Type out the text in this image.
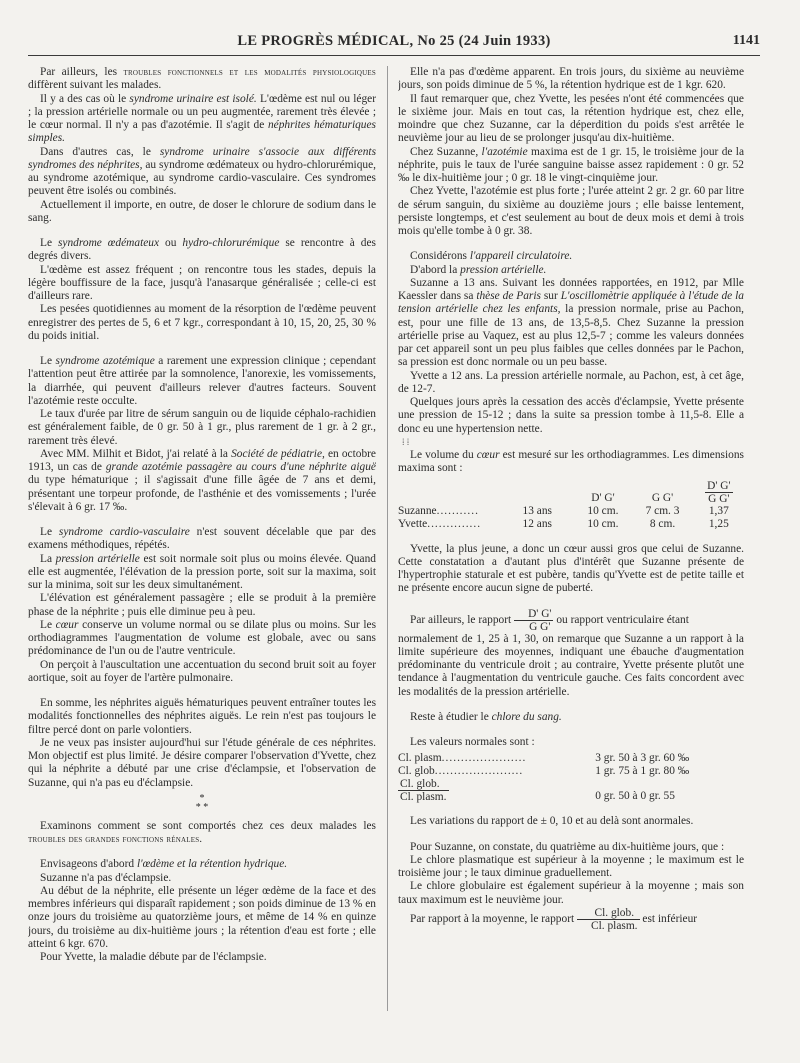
LE PROGRÈS MÉDICAL, No 25 (24 Juin 1933)	1141

Par ailleurs, les troubles fonctionnels et les modalités physiologiques diffèrent suivant les malades.

Il y a des cas où le syndrome urinaire est isolé. L'œdème est nul ou léger ; la pression artérielle normale ou un peu augmentée, rarement très élevée ; le cœur normal. Il n'y a pas d'azotémie. Il s'agit de néphrites hématuriques simples.

Dans d'autres cas, le syndrome urinaire s'associe aux différents syndromes des néphrites, au syndrome œdémateux ou hydro-chlorurémique, au syndrome azotémique, au syndrome cardio-vasculaire. Ces syndromes peuvent être isolés ou combinés.

Actuellement il importe, en outre, de doser le chlorure de sodium dans le sang.

Le syndrome œdémateux ou hydro-chlorurémique se rencontre à des degrés divers.

L'œdème est assez fréquent ; on rencontre tous les stades, depuis la légère bouffissure de la face, jusqu'à l'anasarque généralisée ; celle-ci est d'ailleurs rare.

Les pesées quotidiennes au moment de la résorption de l'œdème peuvent enregistrer des pertes de 5, 6 et 7 kgr., correspondant à 10, 15, 20, 25, 30 % du poids initial.

Le syndrome azotémique a rarement une expression clinique ; cependant l'attention peut être attirée par la somnolence, l'anorexie, les vomissements, la diarrhée, qui peuvent d'ailleurs relever d'autres facteurs. Souvent l'azotémie reste occulte.

Le taux d'urée par litre de sérum sanguin ou de liquide céphalo-rachidien est généralement faible, de 0 gr. 50 à 1 gr., plus rarement de 1 gr. à 2 gr., rarement très élevé.

Avec MM. Milhit et Bidot, j'ai relaté à la Société de pédiatrie, en octobre 1913, un cas de grande azotémie passagère au cours d'une néphrite aiguë du type hématurique ; il s'agissait d'une fille âgée de 7 ans et demi, présentant une torpeur profonde, de l'asthénie et des vomissements ; l'urée s'élevait à 6 gr. 17 ‰.

Le syndrome cardio-vasculaire n'est souvent décelable que par des examens méthodiques, répétés.

La pression artérielle est soit normale soit plus ou moins élevée. Quand elle est augmentée, l'élévation de la pression porte, soit sur la maxima, soit sur la minima, soit sur les deux simultanément.

L'élévation est généralement passagère ; elle se produit à la première phase de la néphrite ; puis elle diminue peu à peu.

Le cœur conserve un volume normal ou se dilate plus ou moins. Sur les orthodiagrammes l'augmentation de volume est globale, avec ou sans prédominance de l'un ou de l'autre ventricule.

On perçoit à l'auscultation une accentuation du second bruit soit au foyer aortique, soit au foyer de l'artère pulmonaire.

En somme, les néphrites aiguës hématuriques peuvent entraîner toutes les modalités fonctionnelles des néphrites aiguës. Le rein n'est pas toujours le filtre percé dont on parle volontiers.

Je ne veux pas insister aujourd'hui sur l'étude générale de ces néphrites. Mon objectif est plus limité. Je désire comparer l'observation d'Yvette, chez qui la néphrite a débuté par une crise d'éclampsie, et l'observation de Suzanne, qui n'a pas eu d'éclampsie.

*
* *

Examinons comment se sont comportés chez ces deux malades les troubles des grandes fonctions rénales.

Envisageons d'abord l'œdème et la rétention hydrique.

Suzanne n'a pas d'éclampsie.

Au début de la néphrite, elle présente un léger œdème de la face et des membres inférieurs qui disparaît rapidement ; son poids diminue de 13 % en onze jours du troisième au quatorzième jours, et même de 14 % en quinze jours, du troisième au dix-huitième jours ; la rétention d'eau est forte ; elle atteint 6 kgr. 670.

Pour Yvette, la maladie débute par de l'éclampsie.

Elle n'a pas d'œdème apparent. En trois jours, du sixième au neuvième jours, son poids diminue de 5 %, la rétention hydrique est de 1 kgr. 620.

Il faut remarquer que, chez Yvette, les pesées n'ont été commencées que le sixième jour. Mais en tout cas, la rétention hydrique est, chez elle, moindre que chez Suzanne, car la déperdition du poids s'est arrêtée le neuvième jour au lieu de se prolonger jusqu'au dix-huitième.

Chez Suzanne, l'azotémie maxima est de 1 gr. 15, le troisième jour de la néphrite, puis le taux de l'urée sanguine baisse assez rapidement : 0 gr. 52 ‰ le dix-huitième jour ; 0 gr. 18 le vingt-cinquième jour.

Chez Yvette, l'azotémie est plus forte ; l'urée atteint 2 gr. 2 gr. 60 par litre de sérum sanguin, du sixième au douzième jours ; elle baisse lentement, persiste longtemps, et c'est seulement au bout de deux mois et demi à trois mois qu'elle tombe à 0 gr. 38.

Considérons l'appareil circulatoire.

D'abord la pression artérielle.

Suzanne a 13 ans. Suivant les données rapportées, en 1912, par Mlle Kaessler dans sa thèse de Paris sur L'oscillomètrie appliquée à l'étude de la tension artérielle chez les enfants, la pression normale, prise au Pachon, est, pour une fille de 13 ans, de 13,5-8,5. Chez Suzanne la pression artérielle prise au Vaquez, est au plus 12,5-7 ; comme les valeurs données par cet appareil sont un peu plus faibles que celles données par le Pachon, sa pression est donc normale ou un peu basse.

Yvette a 12 ans. La pression artérielle normale, au Pachon, est, à cet âge, de 12-7.

Quelques jours après la cessation des accès d'éclampsie, Yvette présente une pression de 15-12 ; dans la suite sa pression tombe à 11,5-8. Elle a donc eu une hypertension nette.

⁞ ⁞

Le volume du cœur est mesuré sur les orthodiagrammes. Les dimensions maxima sont :

		D' G'	G G'	$\frac{D' G'}{\text{G G'}}$

Suzanne...........	13 ans	10 cm.	7 cm. 3	1,37
Yvette..............	12 ans	10 cm.	8 cm.	1,25

Yvette, la plus jeune, a donc un cœur aussi gros que celui de Suzanne. Cette constatation a d'autant plus d'intérêt que Suzanne présente de l'hypertrophie staturale et est pubère, tandis qu'Yvette est de petite taille et ne présente encore aucun signe de puberté.

Par ailleurs, le rapport $\frac{D' G'}{\text{G G'}}$ ou rapport ventriculaire étant

normalement de 1, 25 à 1, 30, on remarque que Suzanne a un rapport à la limite supérieure des moyennes, indiquant une ébauche d'augmentation prédominante du ventricule droit ; au contraire, Yvette présente plutôt une tendance à l'augmentation du ventricule gauche. Ces faits concordent avec les modalités de la pression artérielle.

Reste à étudier le chlore du sang.

Les valeurs normales sont :

Cl. plasm......................	3 gr. 50 à 3 gr. 60 ‰
Cl. glob.......................	1 gr. 75 à 1 gr. 80 ‰

$\frac{\text{Cl. glob.}}{\text{Cl. plasm.}}$	0 gr. 50 à 0 gr. 55

Les variations du rapport de ± 0, 10 et au delà sont anormales.

Pour Suzanne, on constate, du quatrième au dix-huitième jours, que :

Le chlore plasmatique est supérieur à la moyenne ; le maximum est le troisième jour ; le taux diminue graduellement.

Le chlore globulaire est également supérieur à la moyenne ; mais son taux maximum est le neuvième jour.

Par rapport à la moyenne, le rapport $\frac{\text{Cl. glob.}}{\text{Cl. plasm.}}$ est inférieur
